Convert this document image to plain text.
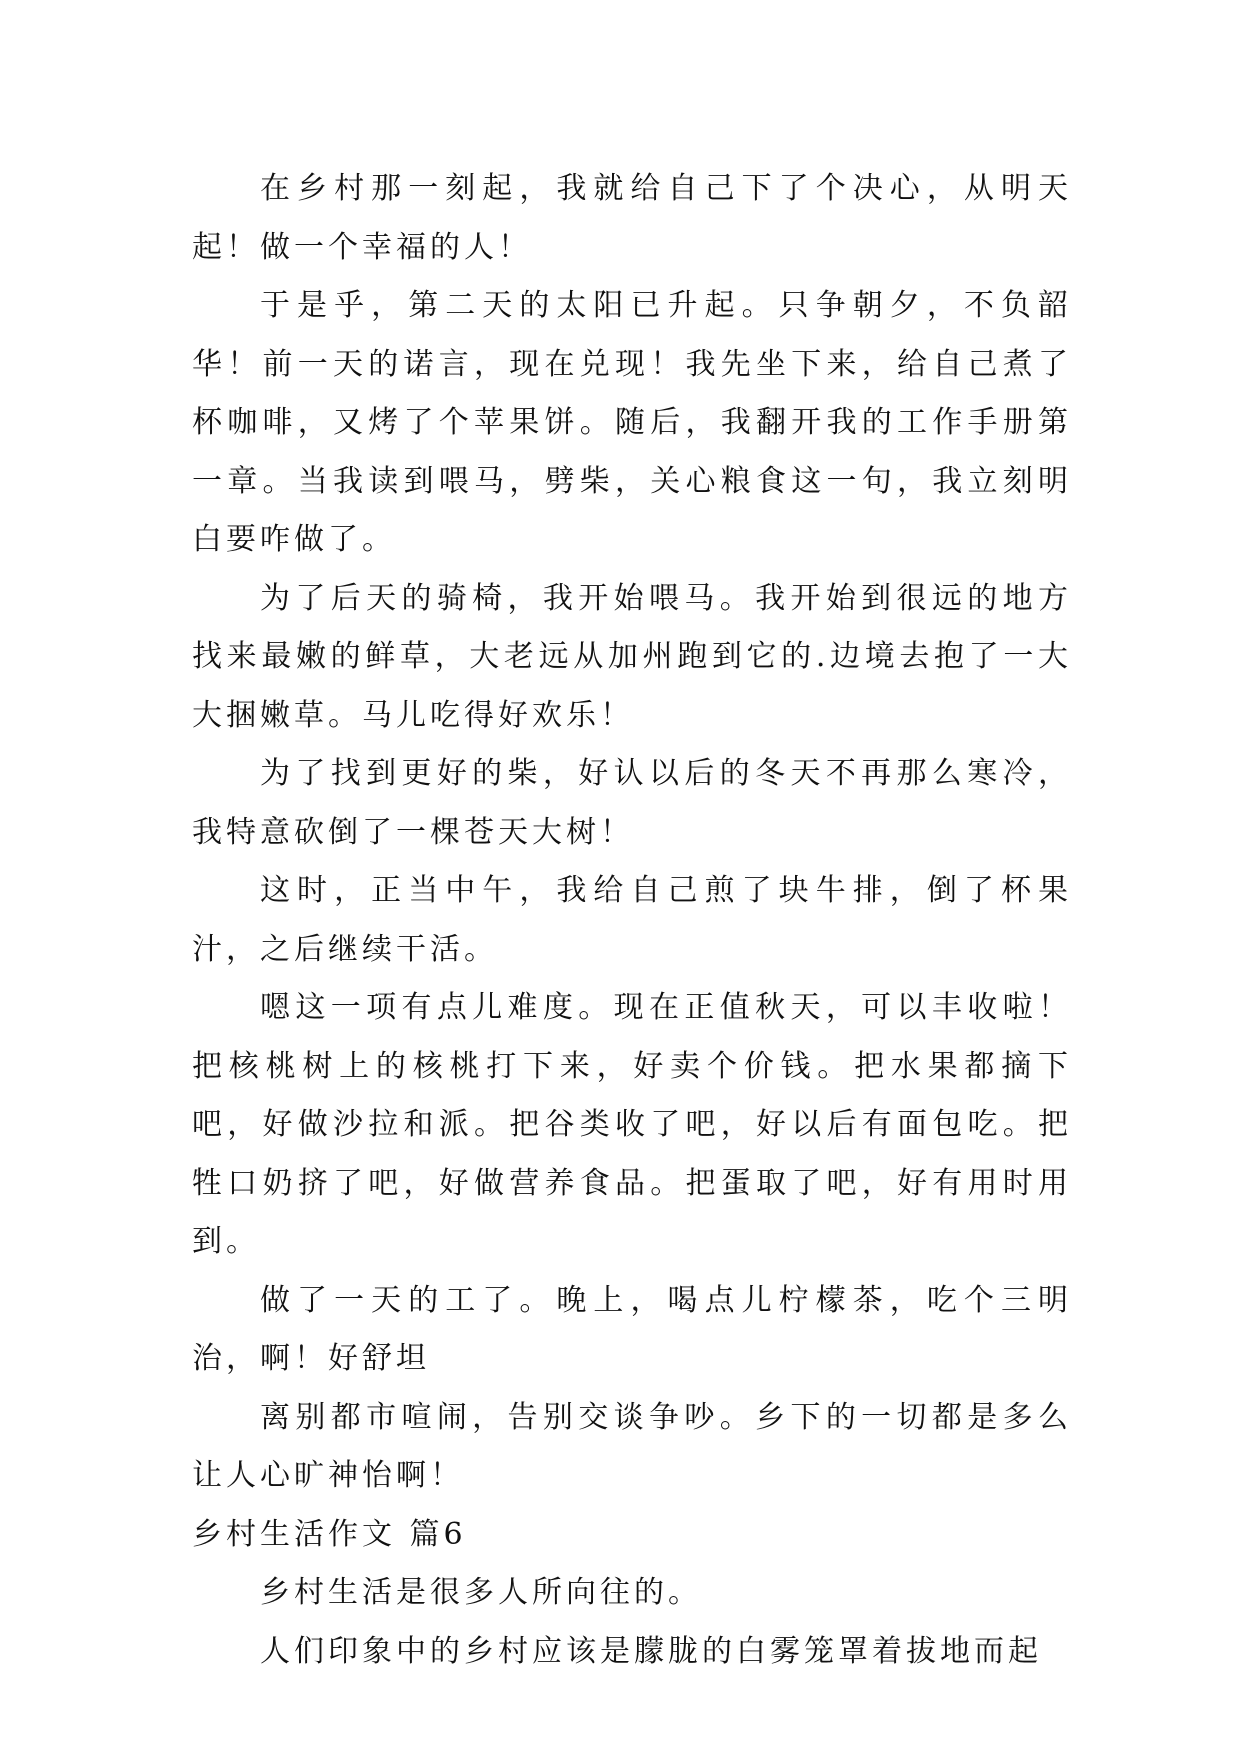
在乡村那一刻起，我就给自己下了个决心，从明天起！做一个幸福的人！

于是乎，第二天的太阳已升起。只争朝夕，不负韶华！前一天的诺言，现在兑现！我先坐下来，给自己煮了杯咖啡，又烤了个苹果饼。随后，我翻开我的工作手册第一章。当我读到喂马，劈柴，关心粮食这一句，我立刻明白要咋做了。

为了后天的骑椅，我开始喂马。我开始到很远的地方找来最嫩的鲜草，大老远从加州跑到它的.边境去抱了一大大捆嫩草。马儿吃得好欢乐！

为了找到更好的柴，好认以后的冬天不再那么寒冷，我特意砍倒了一棵苍天大树！

这时，正当中午，我给自己煎了块牛排，倒了杯果汁，之后继续干活。

嗯这一项有点儿难度。现在正值秋天，可以丰收啦！把核桃树上的核桃打下来，好卖个价钱。把水果都摘下吧，好做沙拉和派。把谷类收了吧，好以后有面包吃。把牲口奶挤了吧，好做营养食品。把蛋取了吧，好有用时用到。

做了一天的工了。晚上，喝点儿柠檬茶，吃个三明治，啊！好舒坦

离别都市喧闹，告别交谈争吵。乡下的一切都是多么让人心旷神怡啊！

乡村生活作文 篇6

乡村生活是很多人所向往的。

人们印象中的乡村应该是朦胧的白雾笼罩着拔地而起
